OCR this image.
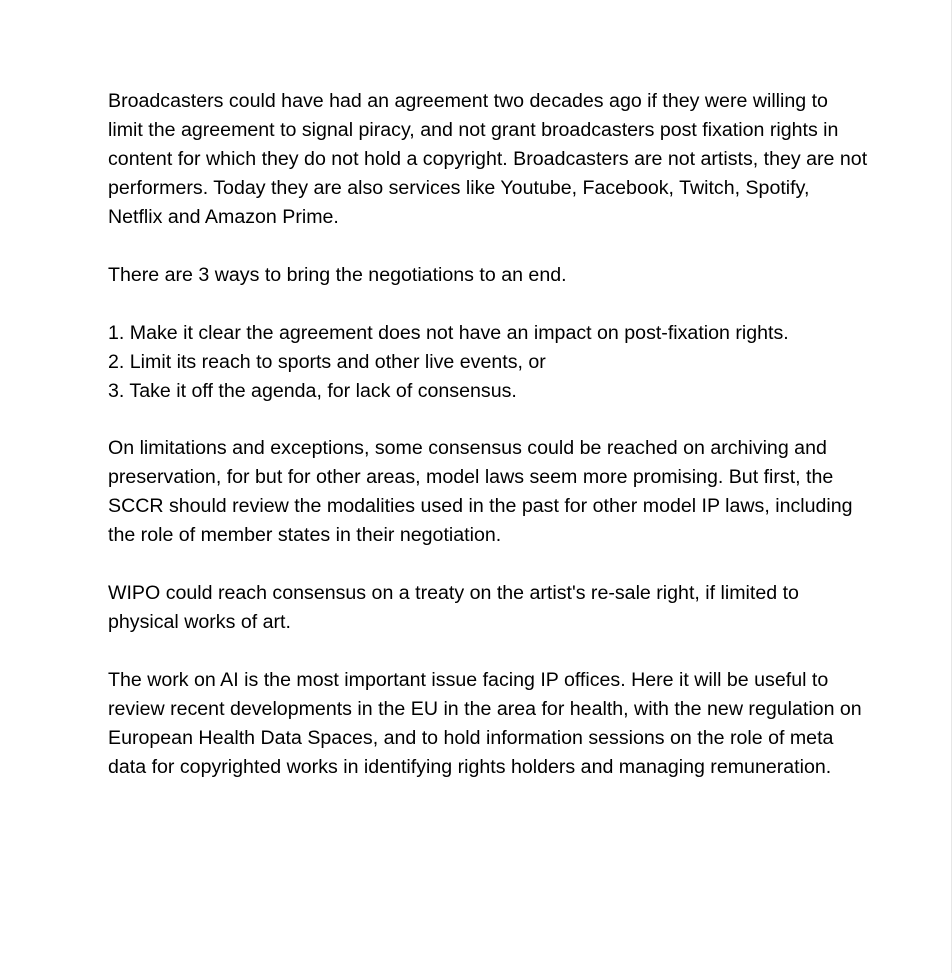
Broadcasters could have had an agreement two decades ago if they were willing to limit the agreement to signal piracy, and not grant broadcasters post fixation rights in content for which they do not hold a copyright. Broadcasters are not artists, they are not performers. Today they are also services like Youtube, Facebook, Twitch, Spotify, Netflix and Amazon Prime.

There are 3 ways to bring the negotiations to an end.

1. Make it clear the agreement does not have an impact on post-fixation rights.
2. Limit its reach to sports and other live events, or
3. Take it off the agenda, for lack of consensus.

On limitations and exceptions, some consensus could be reached on archiving and preservation, for but for other areas, model laws seem more promising. But first, the SCCR should review the modalities used in the past for other model IP laws, including the role of member states in their negotiation.

WIPO could reach consensus on a treaty on the artist's re-sale right, if limited to physical works of art.

The work on AI is the most important issue facing IP offices. Here it will be useful to review recent developments in the EU in the area for health, with the new regulation on European Health Data Spaces, and to hold information sessions on the role of meta data for copyrighted works in identifying rights holders and managing remuneration.
